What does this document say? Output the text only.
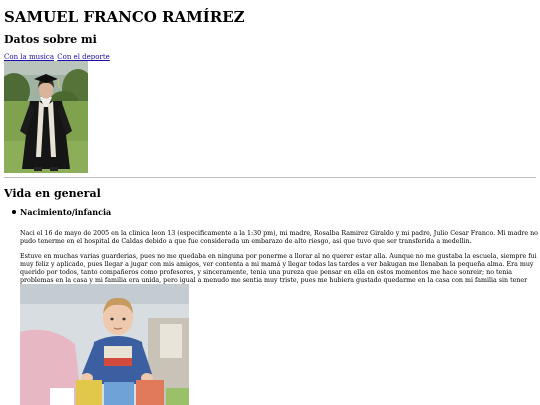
SAMUEL FRANCO RAMÍREZ
Datos sobre mi
Con la musica Con el deporte
Vida en general
Nacimiento/infancia

Naci el 16 de mayo de 2005 en la clinica leon 13 (especificamente a la 1:30 pm), mi madre, Rosalba Ramirez Giraldo y mi padre, Julio Cesar Franco. Mi madre no pudo tenerme en el hospital de Caldas debido a que fue considerada un embarazo de alto riesgo, asi que tuvo que ser transferida a medellin.

Estuve en muchas varias guarderias, pues no me quedaba en ninguna por ponerme a llorar al no querer estar alla. Aunque no me gustaba la escuela, siempre fui muy feliz y aplicado, pues llegar a jugar con mis amigos, ver contenta a mi mamá y llegar todas las tardes a ver bakugan me llenaban la pequeña alma. Era muy querido por todos, tanto compañeros como profesores, y sinceramente, tenia una pureza que pensar en ella en estos momentos me hace sonreir; no tenia problemas en la casa y mi familia era unida, pero igual a menudo me sentia muy triste, pues me hubiera gustado quedarme en la casa con mi familia sin tener
